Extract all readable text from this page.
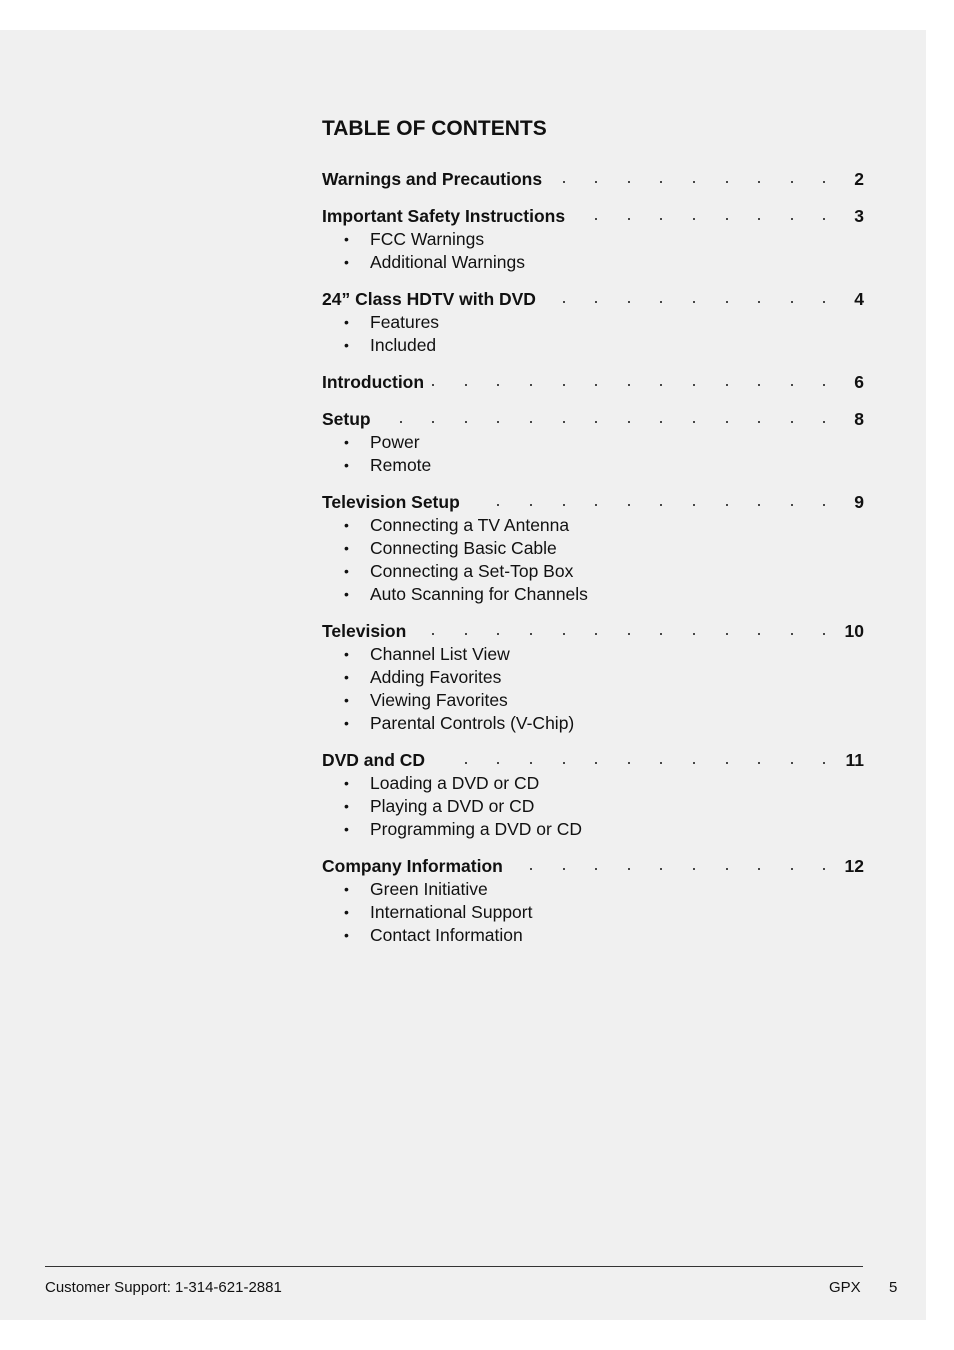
TABLE OF CONTENTS
Warnings and Precautions	2
Important Safety Instructions	3
• FCC Warnings
• Additional Warnings
24” Class HDTV with DVD	4
• Features
• Included
Introduction	6
Setup	8
• Power
• Remote
Television Setup	9
• Connecting a TV Antenna
• Connecting Basic Cable
• Connecting a Set-Top Box
• Auto Scanning for Channels
Television	10
• Channel List View
• Adding Favorites
• Viewing Favorites
• Parental Controls (V-Chip)
DVD and CD	11
• Loading a DVD or CD
• Playing a DVD or CD
• Programming a DVD or CD
Company Information	12
• Green Initiative
• International Support
• Contact Information
Customer Support: 1-314-621-2881	GPX 5
